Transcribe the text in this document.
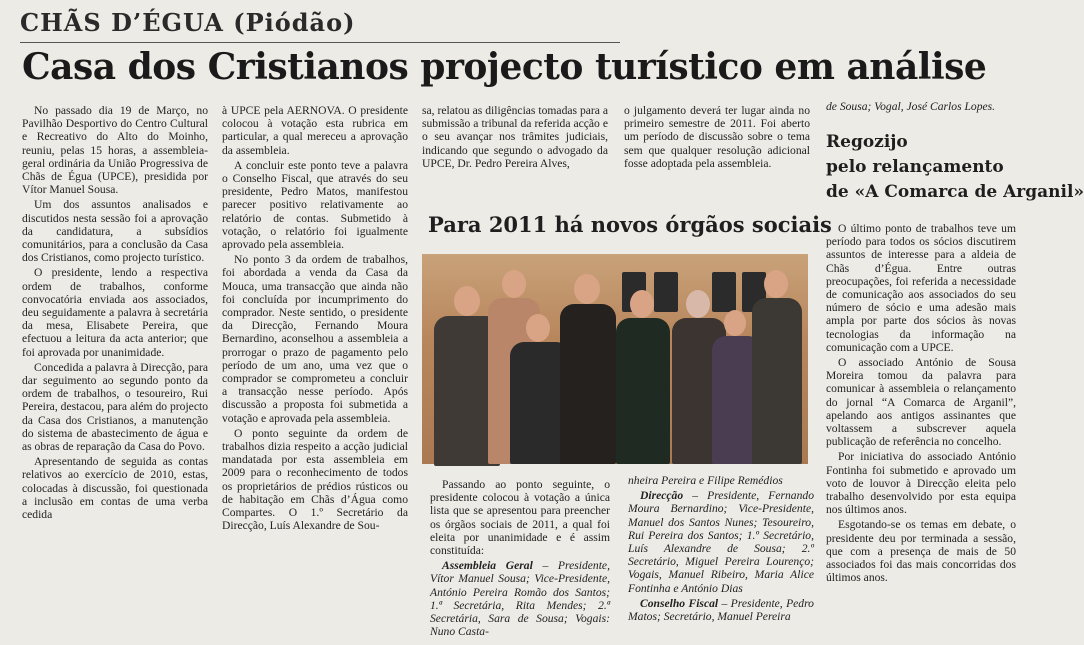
CHÃS D’ÉGUA (Piódão)
Casa dos Cristianos projecto turístico em análise

No passado dia 19 de Março, no Pavilhão Desportivo do Centro Cultural e Recreativo do Alto do Moinho, reuniu, pelas 15 horas, a assembleia-geral ordinária da União Progressiva de Chãs de Égua (UPCE), presidida por Vítor Manuel Sousa.

Um dos assuntos analisados e discutidos nesta sessão foi a aprovação da candidatura, a subsídios comunitários, para a conclusão da Casa dos Cristianos, como projecto turístico.

O presidente, lendo a respectiva ordem de trabalhos, conforme convocatória enviada aos associados, deu seguidamente a palavra à secretária da mesa, Elisabete Pereira, que efectuou a leitura da acta anterior; que foi aprovada por unanimidade.

Concedida a palavra à Direcção, para dar seguimento ao segundo ponto da ordem de trabalhos, o tesoureiro, Rui Pereira, destacou, para além do projecto da Casa dos Cristianos, a manutenção do sistema de abastecimento de água e as obras de reparação da Casa do Povo.

Apresentando de seguida as contas relativos ao exercício de 2010, estas, colocadas à discussão, foi questionada a inclusão em contas de uma verba cedida

à UPCE pela AERNOVA. O presidente colocou à votação esta rubrica em particular, a qual mereceu a aprovação da assembleia.

A concluir este ponto teve a palavra o Conselho Fiscal, que através do seu presidente, Pedro Matos, manifestou parecer positivo relativamente ao relatório de contas. Submetido à votação, o relatório foi igualmente aprovado pela assembleia.

No ponto 3 da ordem de trabalhos, foi abordada a venda da Casa da Mouca, uma transacção que ainda não foi concluída por incumprimento do comprador. Neste sentido, o presidente da Direcção, Fernando Moura Bernardino, aconselhou a assembleia a prorrogar o prazo de pagamento pelo período de um ano, uma vez que o comprador se comprometeu a concluir a transacção nesse período. Após discussão a proposta foi submetida a votação e aprovada pela assembleia.

O ponto seguinte da ordem de trabalhos dizia respeito a acção judicial mandatada por esta assembleia em 2009 para o reconhecimento de todos os proprietários de prédios rústicos ou de habitação em Chãs d’Água como Compartes. O 1.º Secretário da Direcção, Luís Alexandre de Sou-

sa, relatou as diligências tomadas para a submissão a tribunal da referida acção e o seu avançar nos trâmites judiciais, indicando que segundo o advogado da UPCE, Dr. Pedro Pereira Alves,

o julgamento deverá ter lugar ainda no primeiro semestre de 2011. Foi aberto um período de discussão sobre o tema sem que qualquer resolução adicional fosse adoptada pela assembleia.

Para 2011 há novos órgãos sociais

Passando ao ponto seguinte, o presidente colocou à votação a única lista que se apresentou para preencher os órgãos sociais de 2011, a qual foi eleita por unanimidade e é assim constituída:

Assembleia Geral – Presidente, Vítor Manuel Sousa; Vice-Presidente, António Pereira Romão dos Santos; 1.ª Secretária, Rita Mendes; 2.ª Secretária, Sara de Sousa; Vogais: Nuno Casta-

nheira Pereira e Filipe Remédios

Direcção – Presidente, Fernando Moura Bernardino; Vice-Presidente, Manuel dos Santos Nunes; Tesoureiro, Rui Pereira dos Santos; 1.º Secretário, Luís Alexandre de Sousa; 2.º Secretário, Miguel Pereira Lourenço; Vogais, Manuel Ribeiro, Maria Alice Fontinha e António Dias

Conselho Fiscal – Presidente, Pedro Matos; Secretário, Manuel Pereira

de Sousa; Vogal, José Carlos Lopes.

Regozijo
pelo relançamento
de «A Comarca de Arganil»

O último ponto de trabalhos teve um período para todos os sócios discutirem assuntos de interesse para a aldeia de Chãs d’Égua. Entre outras preocupações, foi referida a necessidade de comunicação aos associados do seu número de sócio e uma adesão mais ampla por parte dos sócios às novas tecnologias da informação na comunicação com a UPCE.

O associado António de Sousa Moreira tomou da palavra para comunicar à assembleia o relançamento do jornal “A Comarca de Arganil”, apelando aos antigos assinantes que voltassem a subscrever aquela publicação de referência no concelho.

Por iniciativa do associado António Fontinha foi submetido e aprovado um voto de louvor à Direcção eleita pelo trabalho desenvolvido por esta equipa nos últimos anos.

Esgotando-se os temas em debate, o presidente deu por terminada a sessão, que com a presença de mais de 50 associados foi das mais concorridas dos últimos anos.
